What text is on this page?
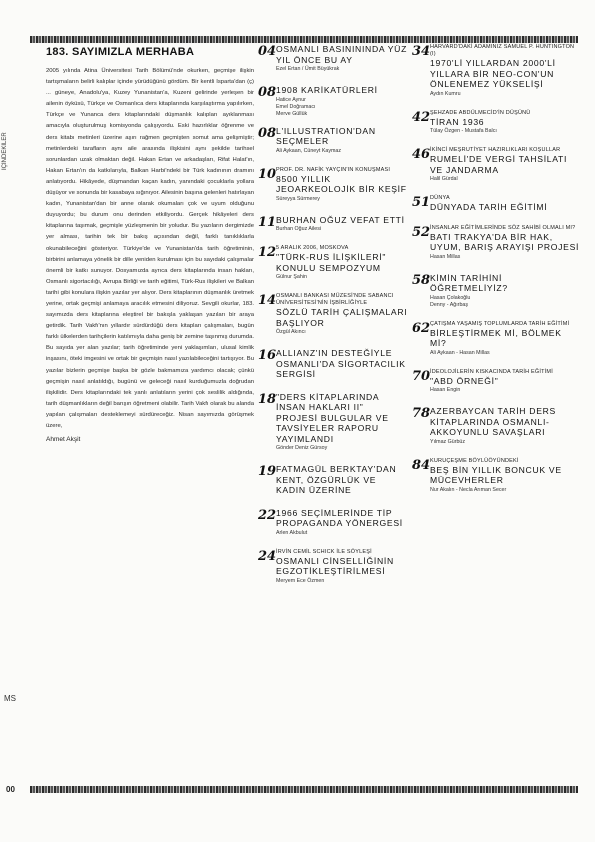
İÇİNDEKİLER
MS
00
183. SAYIMIZLA MERHABA

2005 yılında Atina Üniversitesi Tarih Bölümü'nde okurken, geçmişe ilişkin tartışmaların belirli kalıplar içinde yürüdüğünü gördüm. Bir kentli Isparta'dan (ç) ... güneye, Anadolu'ya, Kuzey Yunanistan'a, Kuzeni gelirinde yerleşen bir ailenin öyküsü, Türkçe ve Osmanlıca ders kitaplarında karşılaştırma yapılırken, Türkçe ve Yunanca ders kitaplarındaki düşmanlık kalıpları ayıklanması amacıyla oluşturulmuş komisyonda çalışıyordu. Eski hazırlıklar öğrenme ve ders kitabı metinleri üzerine aşırı rağmen geçmişten somut ama gelişmiştir; metinlerdeki tarafların aynı aile arasında ilişkisini aynı şekilde tarihsel sorunlardan uzak olmaktan değil. Hakan Ertan ve arkadaşları, Rifat Halat'ın, Hakan Ertan'ın da katkılarıyla, Balkan Harbi'ndeki bir Türk kadınının dramını anlatıyordu. Hikâyede, düşmandan kaçan kadın, yanındaki çocuklarla yollara düşüyor ve sonunda bir kasabaya sığınıyor. Ailesinin başına gelenleri hatırlayan kadın, Yunanistan'dan bir anne olarak okumaları çok ve uyum olduğunu duyuyordu; bu durum onu derinden etkiliyordu. Gerçek hikâyeleri ders kitaplarına taşımak, geçmişle yüzleşmenin bir yoludur. Bu yazıların dergimizde yer alması, tarihin tek bir bakış açısından değil, farklı tanıklıklarla okunabileceğini gösteriyor. Türkiye'de ve Yunanistan'da tarih öğretiminin, birbirini anlamaya yönelik bir dille yeniden kurulması için bu sayıdaki çalışmalar önemli bir katkı sunuyor. Dosyamızda ayrıca ders kitaplarında insan hakları, Osmanlı sigortacılığı, Avrupa Birliği ve tarih eğitimi, Türk-Rus ilişkileri ve Balkan tarihi gibi konulara ilişkin yazılar yer alıyor. Ders kitaplarının düşmanlık üretmek yerine, ortak geçmişi anlamaya aracılık etmesini diliyoruz. Sevgili okurlar, 183. sayımızda ders kitaplarına eleştirel bir bakışla yaklaşan yazıları bir araya getirdik. Tarih Vakfı'nın yıllardır sürdürdüğü ders kitapları çalışmaları, bugün farklı ülkelerden tarihçilerin katılımıyla daha geniş bir zemine taşınmış durumda. Bu sayıda yer alan yazılar; tarih öğretiminde yeni yaklaşımları, ulusal kimlik inşasını, öteki imgesini ve ortak bir geçmişin nasıl yazılabileceğini tartışıyor. Bu yazılar bizlerin geçmişe başka bir gözle bakmamıza yardımcı olacak; çünkü geçmişin nasıl anlatıldığı, bugünü ve geleceği nasıl kurduğumuzla doğrudan ilişkilidir. Ders kitaplarındaki tek yanlı anlatıların yerini çok seslilik aldığında, tarih düşmanlıkların değil barışın öğretmeni olabilir. Tarih Vakfı olarak bu alanda yapılan çalışmaları desteklemeyi sürdüreceğiz. Nisan sayımızda görüşmek üzere,

Ahmet Akşit
04 OSMANLI BASINININDA YÜZ YIL ÖNCE BU AY
Ezel Ertan / Ümit Büyükrak
08 1908 KARİKATÜRLERİ
Hatice Aynur
Emel Doğramacı
Merve Güllük
08 L'ILLUSTRATION'DAN SEÇMELER
Ali Aykaan, Cüneyt Kaymaz
10 PROF. DR. NAFİK YAYÇIN'IN KONUŞMASI
8500 YILLIK JEOARKEOLOJİK BİR KEŞİF
Süreyya Sürmerey
11 BURHAN OĞUZ VEFAT ETTİ
Burhan Oğuz Ailesi
12 5 ARALIK 2006, MOSKOVA
"TÜRK-RUS İLİŞKİLERİ" KONULU SEMPOZYUM
Gülnur Şahin
14 OSMANLI BANKASI MÜZESİ'NDE SABANCI ÜNİVERSİTESİ'NİN İŞBİRLİĞİYLE
SÖZLÜ TARİH ÇALIŞMALARI BAŞLIYOR
Özgül Akıncı
16 ALLIANZ'IN DESTEĞİYLE OSMANLI'DA SİGORTACILIK SERGİSİ
18 "DERS KİTAPLARINDA İNSAN HAKLARI II" PROJESİ BULGULAR VE TAVSİYELER RAPORU YAYIMLANDI
Gönder Deniz Gürsoy
19 FATMAGÜL BERKTAY'DAN KENT, ÖZGÜRLÜK VE KADIN ÜZERİNE
22 1966 SEÇİMLERİNDE TİP PROPAGANDA YÖNERGESİ
Arlen Akbulut
24 İRVİN CEMİL SCHICK İLE SÖYLEŞİ
OSMANLI CİNSELLİĞİNİN EGZOTİKLEŞTİRİLMESİ
Meryem Ece Özmen
34 HARVARD'DAKİ ADAMINIZ SAMUEL P. HUNTINGTON (I)
1970'Lİ YILLARDAN 2000'Lİ YILLARA BİR NEO-CON'UN ÖNLENEMEZ YÜKSELİŞİ
Aydın Kumru
42 ŞEHZADE ABDÜLMECİD'İN DÜŞÜNÜ
TİRAN 1936
Tülay Özgen - Mustafa Balcı
46 İKİNCİ MEŞRUTİYET HAZIRLIKLARI KOŞULLAR
RUMELİ'DE VERGİ TAHSİLATI VE JANDARMA
Halil Gürdal
51 DÜNYA
DÜNYADA TARİH EĞİTİMİ
52 İNSANLAR EĞİTİMLERİNDE SÖZ SAHİBİ OLMALI MI?
BATI TRAKYA'DA BİR HAK, UYUM, BARIŞ ARAYIŞI PROJESİ
Hasan Millas
58 KİMİN TARİHİNİ ÖĞRETMELİYİZ?
Hasan Çolakoğlu
Denny - Ağırbaş
62 ÇATIŞMA YAŞAMIŞ TOPLUMLARDA TARİH EĞİTİMİ
BİRLEŞTİRMEK Mİ, BÖLMEK Mİ?
Ali Aykaan - Hasan Millas
70 İDEOLOJİLERİN KISKACINDA TARİH EĞİTİMİ
"ABD ÖRNEĞİ"
Hasan Engin
78 AZERBAYCAN TARİH DERS KİTAPLARINDA OSMANLI-AKKOYUNLU SAVAŞLARI
Yılmaz Gürbüz
84 KURUÇEŞME BÖYLÜÖYÜNDEKİ
BEŞ BİN YILLIK BONCUK VE MÜCEVHERLER
Nur Akalın - Necla Arıman Secer
